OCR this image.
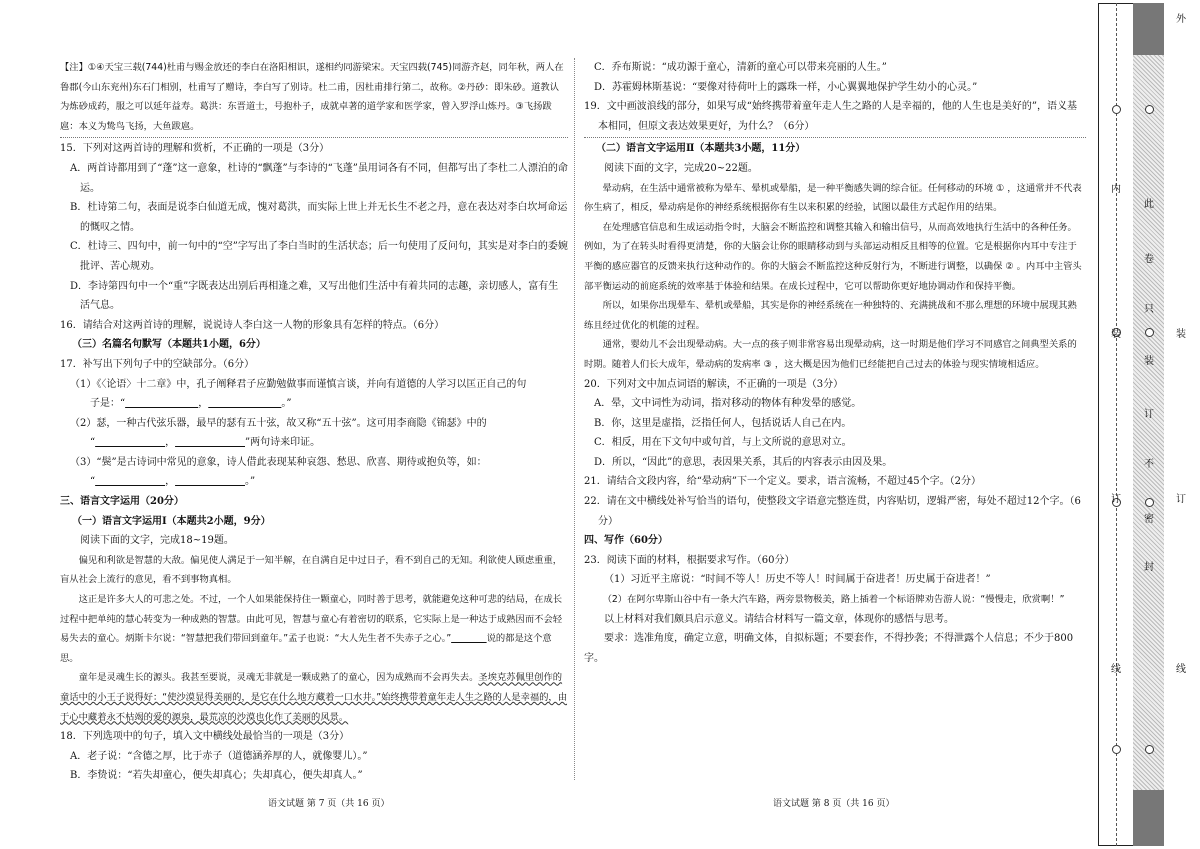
【注】①④天宝三载(744)杜甫与赐金放还的李白在洛阳相识，遂相约同游梁宋。天宝四载(745)同游齐赵，同年秋，两人在鲁郡(今山东兖州)东石门相别，杜甫写了赠诗，李白写了别诗。杜二甫，因杜甫排行第二，故称。②丹砂：即朱砂。道教认为炼砂成药，服之可以延年益寿。葛洪：东晋道士，号抱朴子，成就卓著的道学家和医学家，曾入罗浮山炼丹。③飞扬跋扈：本义为鸷鸟飞扬，大鱼跋扈。

15．下列对这两首诗的理解和赏析，不正确的一项是（3分）

A．两首诗都用到了“蓬”这一意象，杜诗的“飘蓬”与李诗的“飞蓬”虽用词各有不同，但都写出了李杜二人漂泊的命运。

B．杜诗第二句，表面是说李白仙道无成，愧对葛洪，而实际上世上并无长生不老之丹，意在表达对李白坎坷命运的慨叹之情。

C．杜诗三、四句中，前一句中的“空”字写出了李白当时的生活状态；后一句使用了反问句，其实是对李白的委婉批评、苦心规劝。

D．李诗第四句中一个“重”字既表达出别后再相逢之难，又写出他们生活中有着共同的志趣，亲切感人，富有生活气息。

16．请结合对这两首诗的理解，说说诗人李白这一人物的形象具有怎样的特点。（6分）

（三）名篇名句默写（本题共1小题，6分）

17．补写出下列句子中的空缺部分。（6分）

（1）《〈论语〉十二章》中，孔子阐释君子应勤勉做事而谨慎言谈，并向有道德的人学习以匡正自己的句
子是：“	，	。”

（2）瑟，一种古代弦乐器，最早的瑟有五十弦，故又称“五十弦”。这可用李商隐《锦瑟》中的
“	，	”两句诗来印证。

（3）“鬓”是古诗词中常见的意象，诗人借此表现某种哀怨、愁思、欣喜、期待或抱负等，如：
“	，	。”

三、语言文字运用（20分）

（一）语言文字运用Ⅰ（本题共2小题，9分）

阅读下面的文字，完成18~19题。

偏见和利欲是智慧的大敌。偏见使人满足于一知半解，在自满自足中过日子，看不到自己的无知。利欲使人顾虑重重，盲从社会上流行的意见，看不到事物真相。

这正是许多大人的可悲之处。不过，一个人如果能保持住一颗童心，同时善于思考，就能避免这种可悲的结局，在成长过程中把单纯的慧心转变为一种成熟的智慧。由此可见，智慧与童心有着密切的联系，它实际上是一种达于成熟因而不会轻易失去的童心。炳斯卡尔说：“智慧把我们带回到童年。”孟子也说：“大人先生者不失赤子之心。”	说的都是这个意思。

童年是灵魂生长的源头。我甚至要说，灵魂无非就是一颗成熟了的童心，因为成熟而不会再失去。圣埃克苏佩里创作的童话中的小王子说得好：“使沙漠显得美丽的，是它在什么地方藏着一口水井。”始终携带着童年走人生之路的人是幸福的，由于心中藏着永不枯竭的爱的源泉，最荒凉的沙漠也化作了美丽的风景。

18．下列选项中的句子，填入文中横线处最恰当的一项是（3分）

A．老子说：“含德之厚，比于赤子（道德涵养厚的人，就像婴儿）。”

B．李贽说：“若失却童心，便失却真心；失却真心，便失却真人。”

C．乔布斯说：“成功源于童心，清新的童心可以带来亮丽的人生。”

D．苏霍姆林斯基说：“要像对待荷叶上的露珠一样，小心翼翼地保护学生幼小的心灵。”

19．文中画波浪线的部分，如果写成“始终携带着童年走人生之路的人是幸福的，他的人生也是美好的”，语义基本相同，但原文表达效果更好，为什么？（6分）

（二）语言文字运用Ⅱ（本题共3小题，11分）

阅读下面的文字，完成20~22题。

晕动病，在生活中通常被称为晕车、晕机或晕船，是一种平衡感失调的综合征。任何移动的环境 ① ，这通常并不代表你生病了，相反，晕动病是你的神经系统根据你有生以来积累的经验，试图以最佳方式起作用的结果。

在处理感官信息和生成运动指令时，大脑会不断监控和调整其输入和输出信号，从而高效地执行生活中的各种任务。例如，为了在转头时看得更清楚，你的大脑会让你的眼睛移动到与头部运动相反且相等的位置。它是根据你内耳中专注于平衡的感应器官的反馈来执行这种动作的。你的大脑会不断监控这种反射行为，不断进行调整，以确保 ② 。内耳中主管头部平衡运动的前庭系统的效率基于体验和结果。在成长过程中，它可以帮助你更好地协调动作和保持平衡。

所以，如果你出现晕车、晕机或晕船，其实是你的神经系统在一种独特的、充满挑战和不那么理想的环境中展现其熟练且经过优化的机能的过程。

通常，婴幼儿不会出现晕动病。大一点的孩子则非常容易出现晕动病，这一时期是他们学习不同感官之间典型关系的时期。随着人们长大成年，晕动病的发病率 ③ ，这大概是因为他们已经能把自己过去的体验与现实情境相适应。

20．下列对文中加点词语的解读，不正确的一项是（3分）

A．晕，文中词性为动词，指对移动的物体有种发晕的感觉。

B．你，这里是虚指，泛指任何人，包括说话人自己在内。

C．相反，用在下文句中或句首，与上文所说的意思对立。

D．所以，“因此”的意思，表因果关系，其后的内容表示由因及果。

21．请结合文段内容，给“晕动病”下一个定义。要求，语言流畅，不超过45个字。（2分）

22．请在文中横线处补写恰当的语句，使整段文字语意完整连贯，内容贴切，逻辑严密，每处不超过12个字。（6分）

四、写作（60分）

23．阅读下面的材料，根据要求写作。（60分）

（1）习近平主席说：“时间不等人！历史不等人！时间属于奋进者！历史属于奋进者！”

（2）在阿尔卑斯山谷中有一条大汽车路，两旁景物极美，路上插着一个标语牌劝告游人说：“慢慢走，欣赏啊！”

以上材料对我们颇具启示意义。请结合材料写一篇文章，体现你的感悟与思考。

要求：选准角度，确定立意，明确文体，自拟标题；不要套作，不得抄袭；不得泄露个人信息；不少于800字。

语文试题 第 7 页（共 16 页）	语文试题 第 8 页（共 16 页）
内
装
订
线
外
装
订
线
此
卷
只
装
订
不
密
封
